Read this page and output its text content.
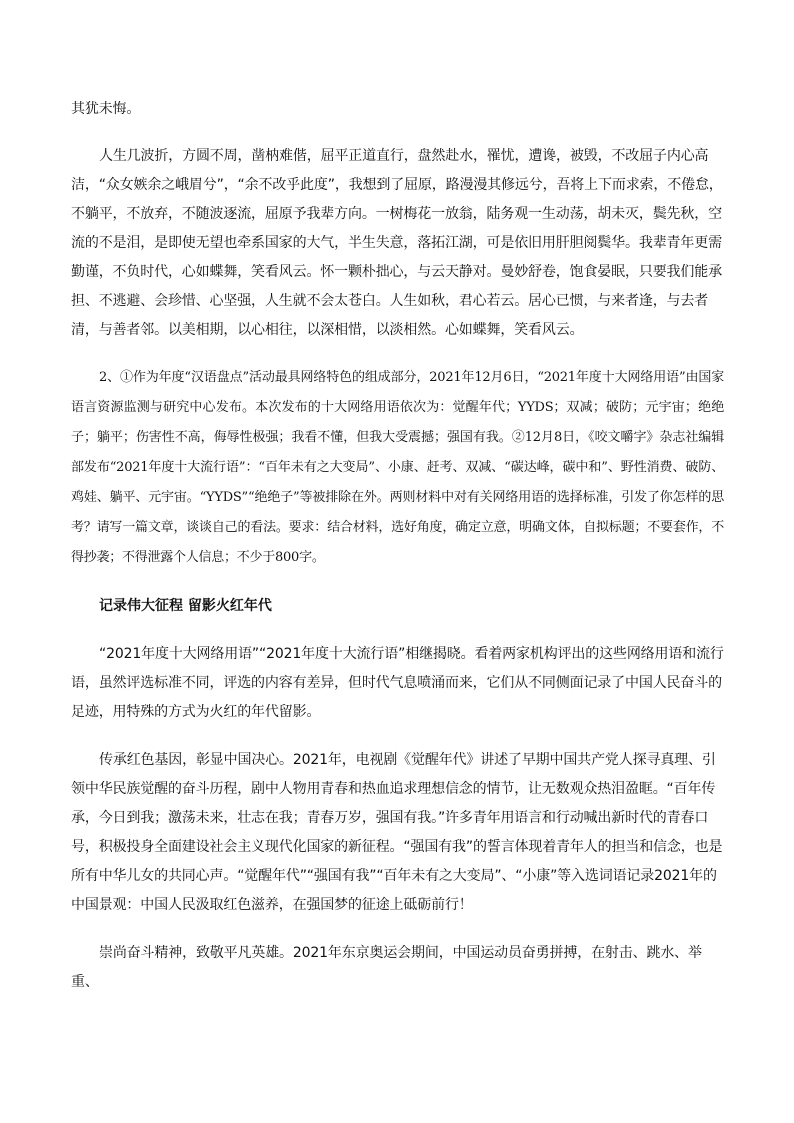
其犹未悔。

人生几波折，方圆不周，凿枘难偕，屈平正道直行，盘然赴水，罹忧，遭谗，被毁，不改屈子内心高洁，“众女嫉余之峨眉兮”，“余不改乎此度”，我想到了屈原，路漫漫其修远兮，吾将上下而求索，不倦怠，不躺平，不放弃，不随波逐流，屈原予我辈方向。一树梅花一放翁，陆务观一生动荡，胡未灭，鬓先秋，空流的不是泪，是即使无望也牵系国家的大气，半生失意，落拓江湖，可是依旧用肝胆阅鬓华。我辈青年更需勤谨，不负时代，心如蝶舞，笑看风云。怀一颗朴拙心，与云天静对。曼妙舒卷，饱食晏眠，只要我们能承担、不逃避、会珍惜、心坚强，人生就不会太苍白。人生如秋，君心若云。居心已惯，与来者逢，与去者清，与善者邻。以美相期，以心相往，以深相惜，以淡相然。心如蝶舞，笑看风云。

2、①作为年度“汉语盘点”活动最具网络特色的组成部分，2021年12月6日，“2021年度十大网络用语”由国家语言资源监测与研究中心发布。本次发布的十大网络用语依次为：觉醒年代；YYDS；双减；破防；元宇宙；绝绝子；躺平；伤害性不高，侮辱性极强；我看不懂，但我大受震撼；强国有我。②12月8日，《咬文嚼字》杂志社编辑部发布“2021年度十大流行语”：“百年未有之大变局”、小康、赶考、双减、“碳达峰，碳中和”、野性消费、破防、鸡娃、躺平、元宇宙。“YYDS”“绝绝子”等被排除在外。两则材料中对有关网络用语的选择标准，引发了你怎样的思考？请写一篇文章，谈谈自己的看法。要求：结合材料，选好角度，确定立意，明确文体，自拟标题；不要套作，不得抄袭；不得泄露个人信息；不少于800字。

记录伟大征程 留影火红年代

“2021年度十大网络用语”“2021年度十大流行语”相继揭晓。看着两家机构评出的这些网络用语和流行语，虽然评选标准不同，评选的内容有差异，但时代气息喷涌而来，它们从不同侧面记录了中国人民奋斗的足迹，用特殊的方式为火红的年代留影。

传承红色基因，彰显中国决心。2021年，电视剧《觉醒年代》讲述了早期中国共产党人探寻真理、引领中华民族觉醒的奋斗历程，剧中人物用青春和热血追求理想信念的情节，让无数观众热泪盈眶。“百年传承，今日到我；激荡未来，壮志在我；青春万岁，强国有我。”许多青年用语言和行动喊出新时代的青春口号，积极投身全面建设社会主义现代化国家的新征程。“强国有我”的誓言体现着青年人的担当和信念，也是所有中华儿女的共同心声。“觉醒年代”“强国有我”“百年未有之大变局”、“小康”等入选词语记录2021年的中国景观：中国人民汲取红色滋养，在强国梦的征途上砥砺前行！

崇尚奋斗精神，致敬平凡英雄。2021年东京奥运会期间，中国运动员奋勇拼搏，在射击、跳水、举重、
